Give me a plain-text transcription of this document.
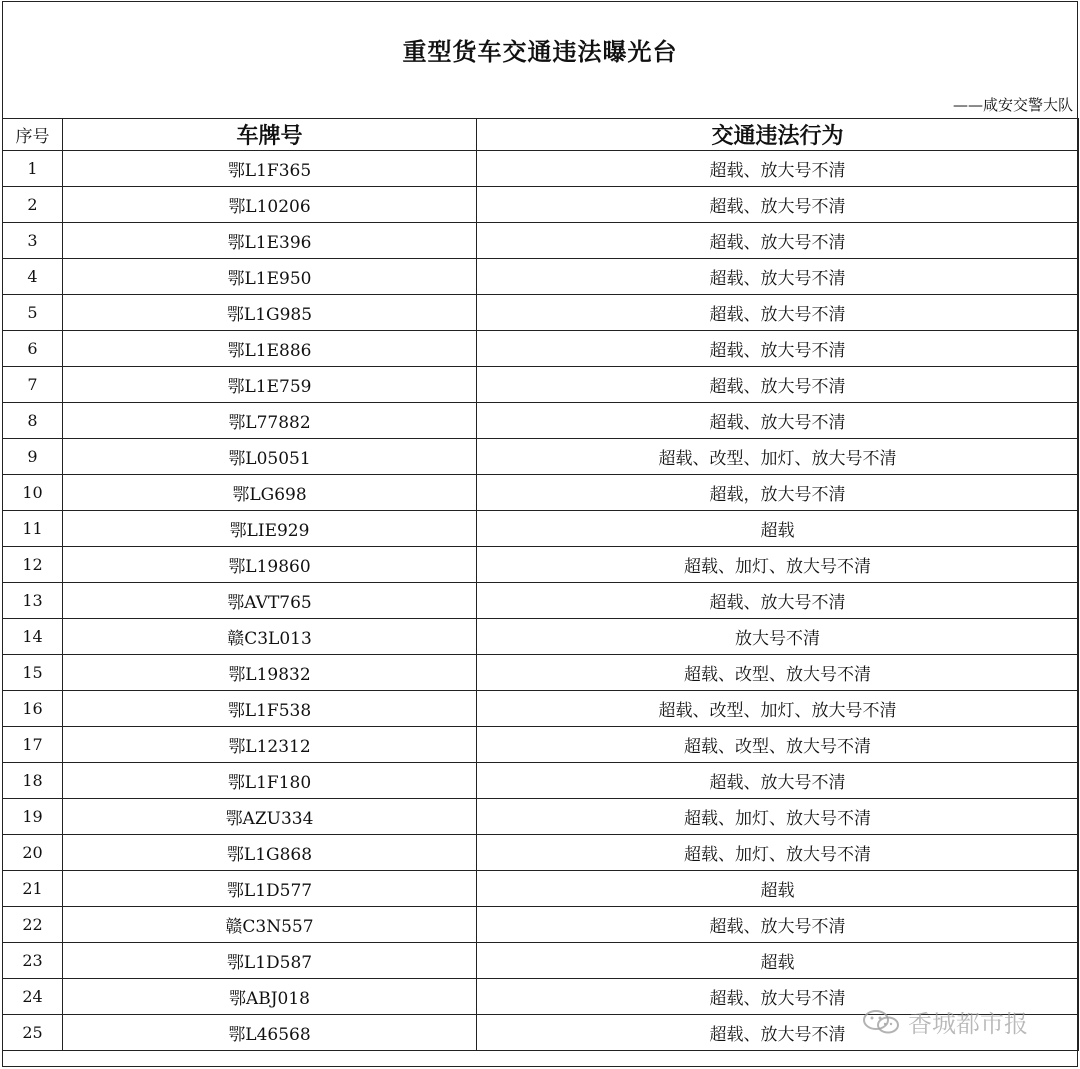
重型货车交通违法曝光台
——咸安交警大队
序号	车牌号	交通违法行为
1	鄂L1F365	超载、放大号不清
2	鄂L10206	超载、放大号不清
3	鄂L1E396	超载、放大号不清
4	鄂L1E950	超载、放大号不清
5	鄂L1G985	超载、放大号不清
6	鄂L1E886	超载、放大号不清
7	鄂L1E759	超载、放大号不清
8	鄂L77882	超载、放大号不清
9	鄂L05051	超载、改型、加灯、放大号不清
10	鄂LG698	超载，放大号不清
11	鄂LIE929	超载
12	鄂L19860	超载、加灯、放大号不清
13	鄂AVT765	超载、放大号不清
14	赣C3L013	放大号不清
15	鄂L19832	超载、改型、放大号不清
16	鄂L1F538	超载、改型、加灯、放大号不清
17	鄂L12312	超载、改型、放大号不清
18	鄂L1F180	超载、放大号不清
19	鄂AZU334	超载、加灯、放大号不清
20	鄂L1G868	超载、加灯、放大号不清
21	鄂L1D577	超载
22	赣C3N557	超载、放大号不清
23	鄂L1D587	超载
24	鄂ABJ018	超载、放大号不清
25	鄂L46568	超载、放大号不清	香城都市报
